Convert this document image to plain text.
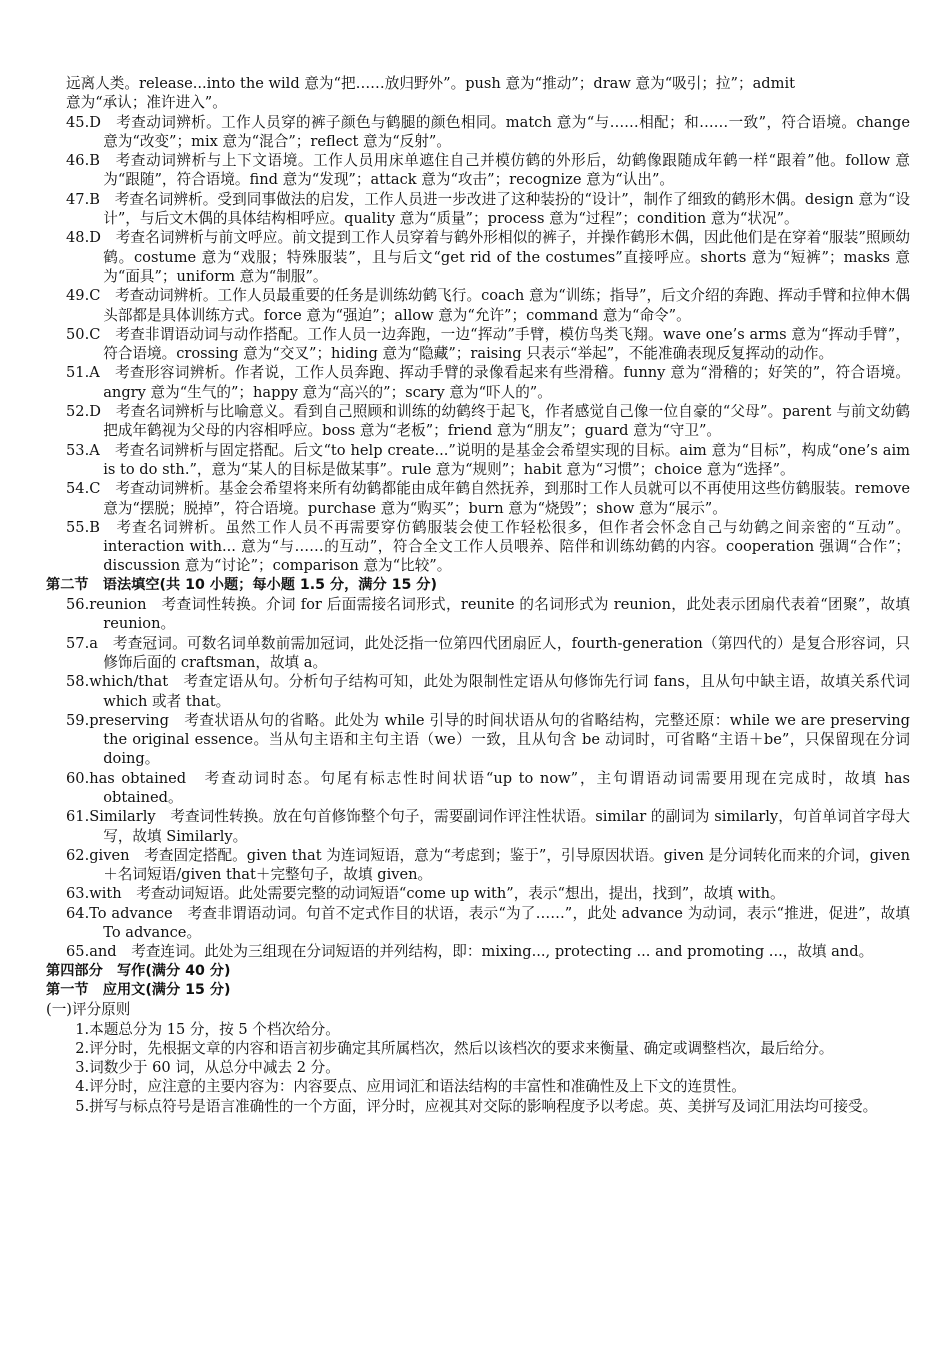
远离人类。release...into the wild 意为“把……放归野外”。push 意为“推动”；draw 意为“吸引；拉”；admit
意为“承认；准许进入”。
45.D　考查动词辨析。工作人员穿的裤子颜色与鹤腿的颜色相同。match 意为“与……相配；和……一致”，符合语境。change 意为“改变”；mix 意为“混合”；reflect 意为“反射”。
46.B　考查动词辨析与上下文语境。工作人员用床单遮住自己并模仿鹤的外形后，幼鹤像跟随成年鹤一样“跟着”他。follow 意为“跟随”，符合语境。find 意为“发现”；attack 意为“攻击”；recognize 意为“认出”。
47.B　考查名词辨析。受到同事做法的启发，工作人员进一步改进了这种装扮的“设计”，制作了细致的鹤形木偶。design 意为“设计”，与后文木偶的具体结构相呼应。quality 意为“质量”；process 意为“过程”；condition 意为“状况”。
48.D　考查名词辨析与前文呼应。前文提到工作人员穿着与鹤外形相似的裤子，并操作鹤形木偶，因此他们是在穿着“服装”照顾幼鹤。costume 意为“戏服；特殊服装”，且与后文“get rid of the costumes”直接呼应。shorts 意为“短裤”；masks 意为“面具”；uniform 意为“制服”。
49.C　考查动词辨析。工作人员最重要的任务是训练幼鹤飞行。coach 意为“训练；指导”，后文介绍的奔跑、挥动手臂和拉伸木偶头部都是具体训练方式。force 意为“强迫”；allow 意为“允许”；command 意为“命令”。
50.C　考查非谓语动词与动作搭配。工作人员一边奔跑，一边“挥动”手臂，模仿鸟类飞翔。wave one’s arms 意为“挥动手臂”，符合语境。crossing 意为“交叉”；hiding 意为“隐藏”；raising 只表示“举起”，不能准确表现反复挥动的动作。
51.A　考查形容词辨析。作者说，工作人员奔跑、挥动手臂的录像看起来有些滑稽。funny 意为“滑稽的；好笑的”，符合语境。angry 意为“生气的”；happy 意为“高兴的”；scary 意为“吓人的”。
52.D　考查名词辨析与比喻意义。看到自己照顾和训练的幼鹤终于起飞，作者感觉自己像一位自豪的“父母”。parent 与前文幼鹤把成年鹤视为父母的内容相呼应。boss 意为“老板”；friend 意为“朋友”；guard 意为“守卫”。
53.A　考查名词辨析与固定搭配。后文“to help create...”说明的是基金会希望实现的目标。aim 意为“目标”，构成“one’s aim is to do sth.”，意为“某人的目标是做某事”。rule 意为“规则”；habit 意为“习惯”；choice 意为“选择”。
54.C　考查动词辨析。基金会希望将来所有幼鹤都能由成年鹤自然抚养，到那时工作人员就可以不再使用这些仿鹤服装。remove 意为“摆脱；脱掉”，符合语境。purchase 意为“购买”；burn 意为“烧毁”；show 意为“展示”。
55.B　考查名词辨析。虽然工作人员不再需要穿仿鹤服装会使工作轻松很多，但作者会怀念自己与幼鹤之间亲密的“互动”。interaction with... 意为“与……的互动”，符合全文工作人员喂养、陪伴和训练幼鹤的内容。cooperation 强调“合作”；discussion 意为“讨论”；comparison 意为“比较”。
第二节　语法填空(共 10 小题；每小题 1.5 分，满分 15 分)
56.reunion　考查词性转换。介词 for 后面需接名词形式，reunite 的名词形式为 reunion，此处表示团扇代表着“团聚”，故填 reunion。
57.a　考查冠词。可数名词单数前需加冠词，此处泛指一位第四代团扇匠人，fourth-generation（第四代的）是复合形容词，只修饰后面的 craftsman，故填 a。
58.which/that　考查定语从句。分析句子结构可知，此处为限制性定语从句修饰先行词 fans，且从句中缺主语，故填关系代词 which 或者 that。
59.preserving　考查状语从句的省略。此处为 while 引导的时间状语从句的省略结构，完整还原：while we are preserving the original essence。当从句主语和主句主语（we）一致，且从句含 be 动词时，可省略“主语＋be”，只保留现在分词 doing。
60.has obtained　考查动词时态。句尾有标志性时间状语“up to now”，主句谓语动词需要用现在完成时，故填 has obtained。
61.Similarly　考查词性转换。放在句首修饰整个句子，需要副词作评注性状语。similar 的副词为 similarly，句首单词首字母大写，故填 Similarly。
62.given　考查固定搭配。given that 为连词短语，意为“考虑到；鉴于”，引导原因状语。given 是分词转化而来的介词，given＋名词短语/given that＋完整句子，故填 given。
63.with　考查动词短语。此处需要完整的动词短语“come up with”，表示“想出，提出，找到”，故填 with。
64.To advance　考查非谓语动词。句首不定式作目的状语，表示“为了……”，此处 advance 为动词，表示“推进，促进”，故填 To advance。
65.and　考查连词。此处为三组现在分词短语的并列结构，即：mixing..., protecting ... and promoting ...，故填 and。
第四部分　写作(满分 40 分)
第一节　应用文(满分 15 分)
(一)评分原则
1.本题总分为 15 分，按 5 个档次给分。
2.评分时，先根据文章的内容和语言初步确定其所属档次，然后以该档次的要求来衡量、确定或调整档次，最后给分。
3.词数少于 60 词，从总分中减去 2 分。
4.评分时，应注意的主要内容为：内容要点、应用词汇和语法结构的丰富性和准确性及上下文的连贯性。
5.拼写与标点符号是语言准确性的一个方面，评分时，应视其对交际的影响程度予以考虑。英、美拼写及词汇用法均可接受。
